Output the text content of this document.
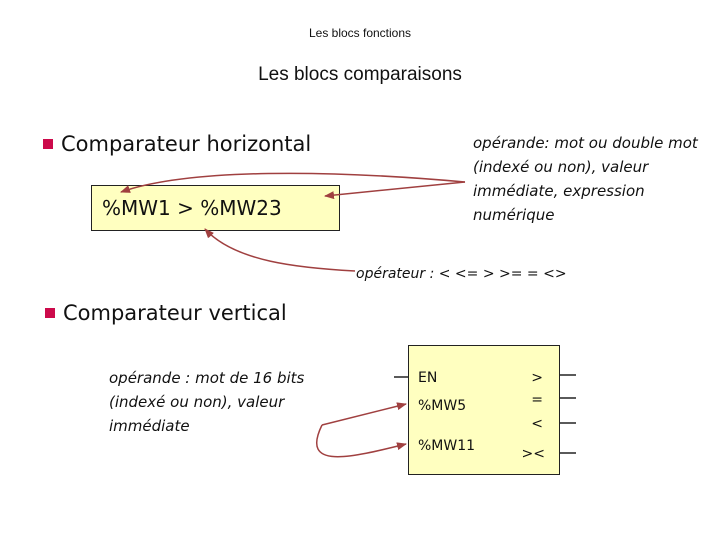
Les blocs fonctions
Les blocs comparaisons
Comparateur horizontal
%MW1 > %MW23
opérande: mot ou double mot (indexé ou non), valeur immédiate, expression numérique
opérateur : < <= > >= = <>
Comparateur vertical
opérande : mot de 16 bits (indexé ou non), valeur immédiate
EN
%MW5
%MW11
>
=
<
><
